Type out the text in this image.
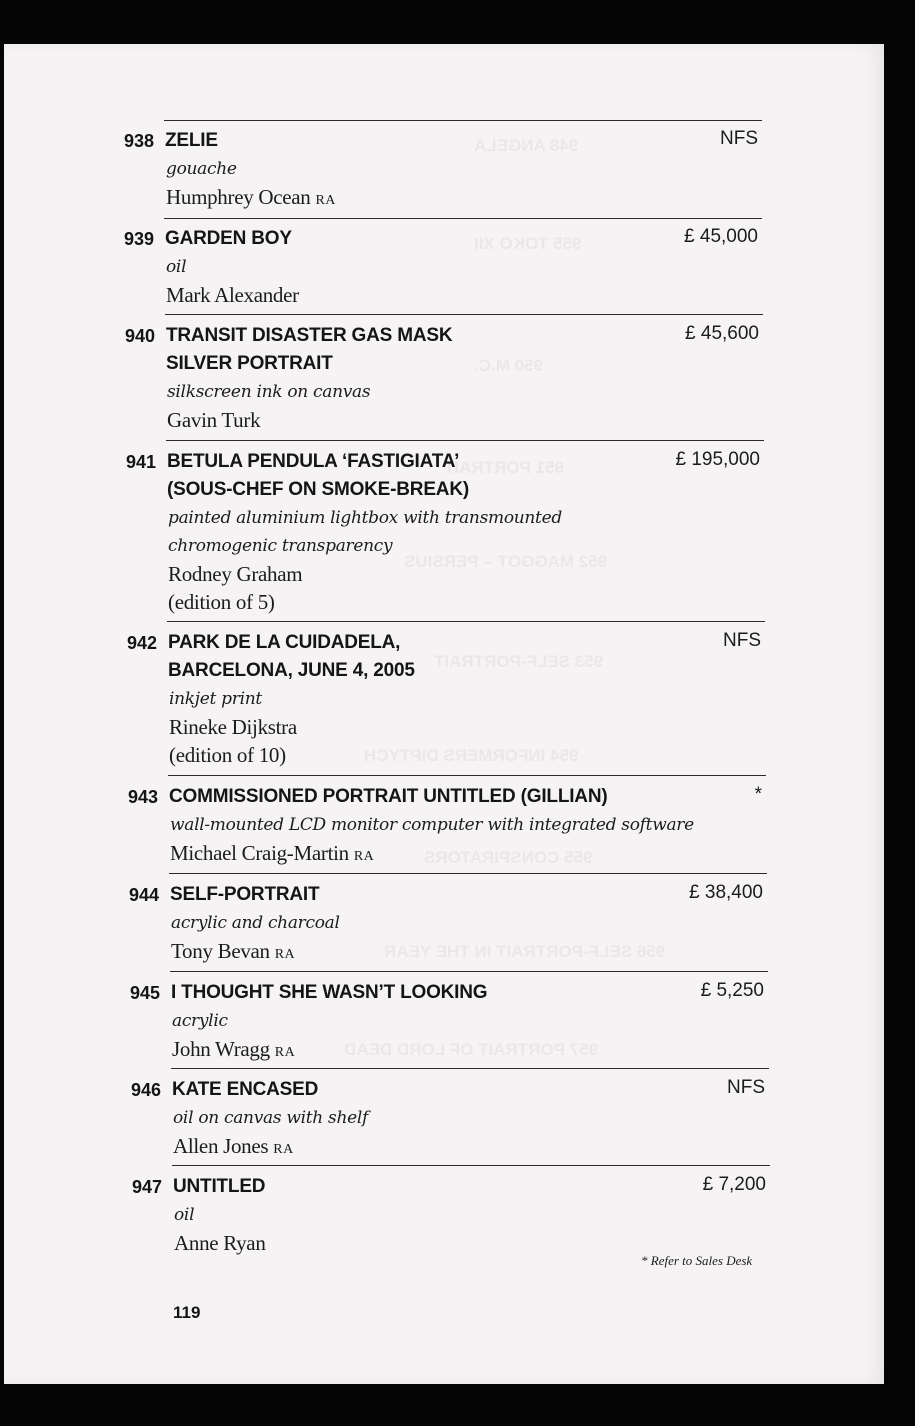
948 ANGELA
955 TOKO XII
950 M.C.
951 PORTRAIT
952 MAGGOT – PERSIUS
953 SELF-PORTRAIT
954 INFORMERS DIPTYCH
955 CONSPIRATORS
956 SELF-PORTRAIT IN THE YEAR
957 PORTRAIT OF LORD DEAD
938 ZELIE
gouache
Humphrey Ocean RA
NFS
939 GARDEN BOY
oil
Mark Alexander
£ 45,000
940 TRANSIT DISASTER GAS MASK
SILVER PORTRAIT
silkscreen ink on canvas
Gavin Turk
£ 45,600
941 BETULA PENDULA ‘FASTIGIATA’
(SOUS-CHEF ON SMOKE-BREAK)
painted aluminium lightbox with transmounted
chromogenic transparency
Rodney Graham
(edition of 5)
£ 195,000
942 PARK DE LA CUIDADELA,
BARCELONA, JUNE 4, 2005
inkjet print
Rineke Dijkstra
(edition of 10)
NFS
943 COMMISSIONED PORTRAIT UNTITLED (GILLIAN)
wall-mounted LCD monitor computer with integrated software
Michael Craig-Martin RA
*
944 SELF-PORTRAIT
acrylic and charcoal
Tony Bevan RA
£ 38,400
945 I THOUGHT SHE WASN’T LOOKING
acrylic
John Wragg RA
£ 5,250
946 KATE ENCASED
oil on canvas with shelf
Allen Jones RA
NFS
947 UNTITLED
oil
Anne Ryan
£ 7,200
* Refer to Sales Desk
119
